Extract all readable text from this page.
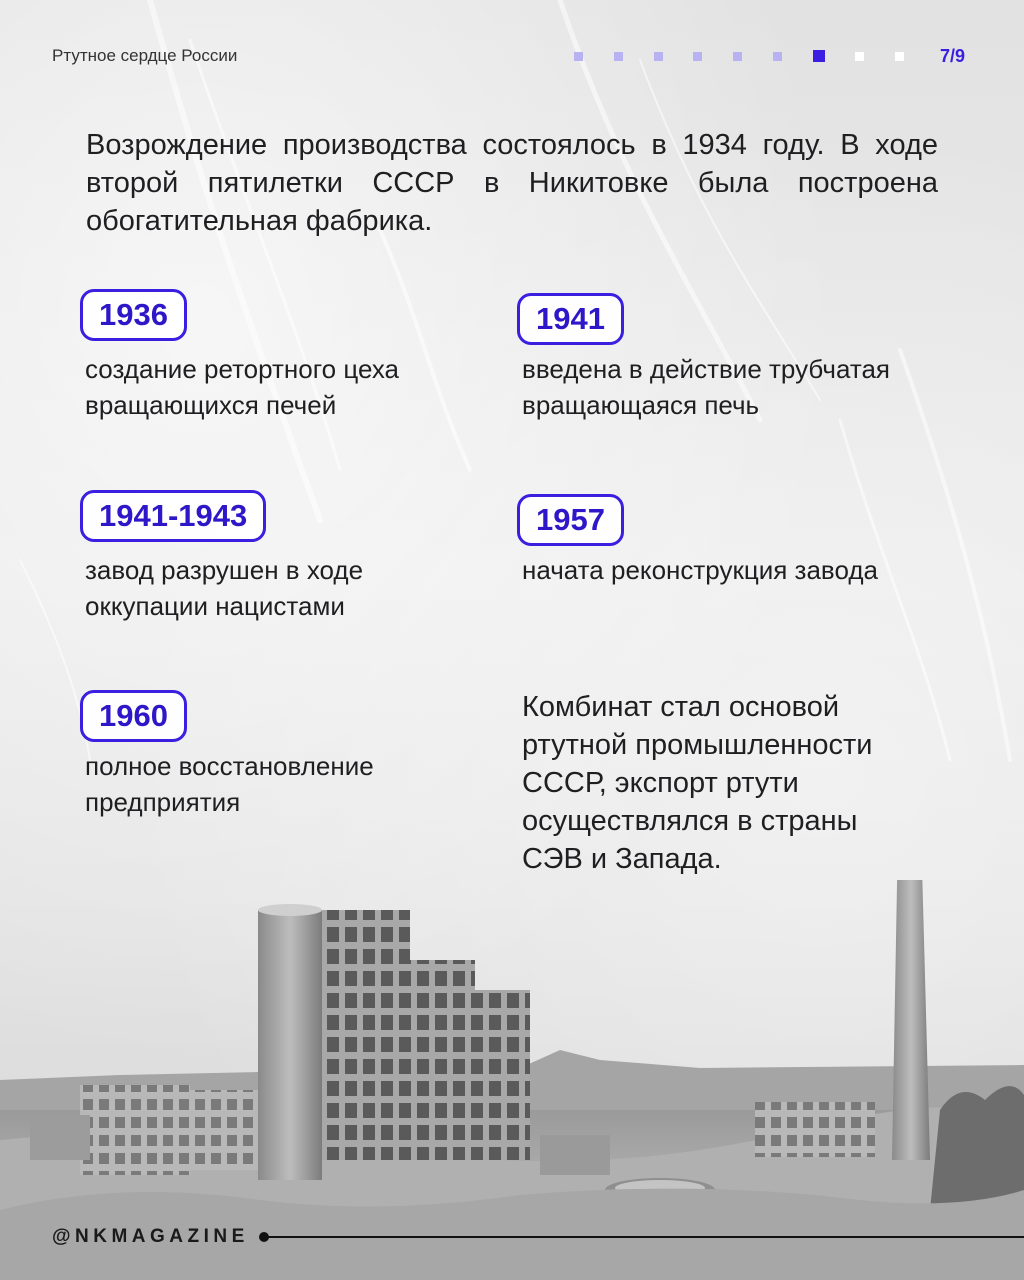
Ртутное сердце России	7/9
Возрождение производства состоялось в 1934 году. В ходе второй пятилетки СССР в Никитовке была построена обогатительная фабрика.
1936
создание ретортного цеха вращающихся печей
1941
введена в действие трубчатая вращающаяся печь
1941-1943
завод разрушен в ходе оккупации нацистами
1957
начата реконструкция завода
1960
полное восстановление предприятия
Комбинат стал основой ртутной промышленности СССР, экспорт ртути осуществлялся в страны СЭВ и Запада.
@NKMAGAZINE
